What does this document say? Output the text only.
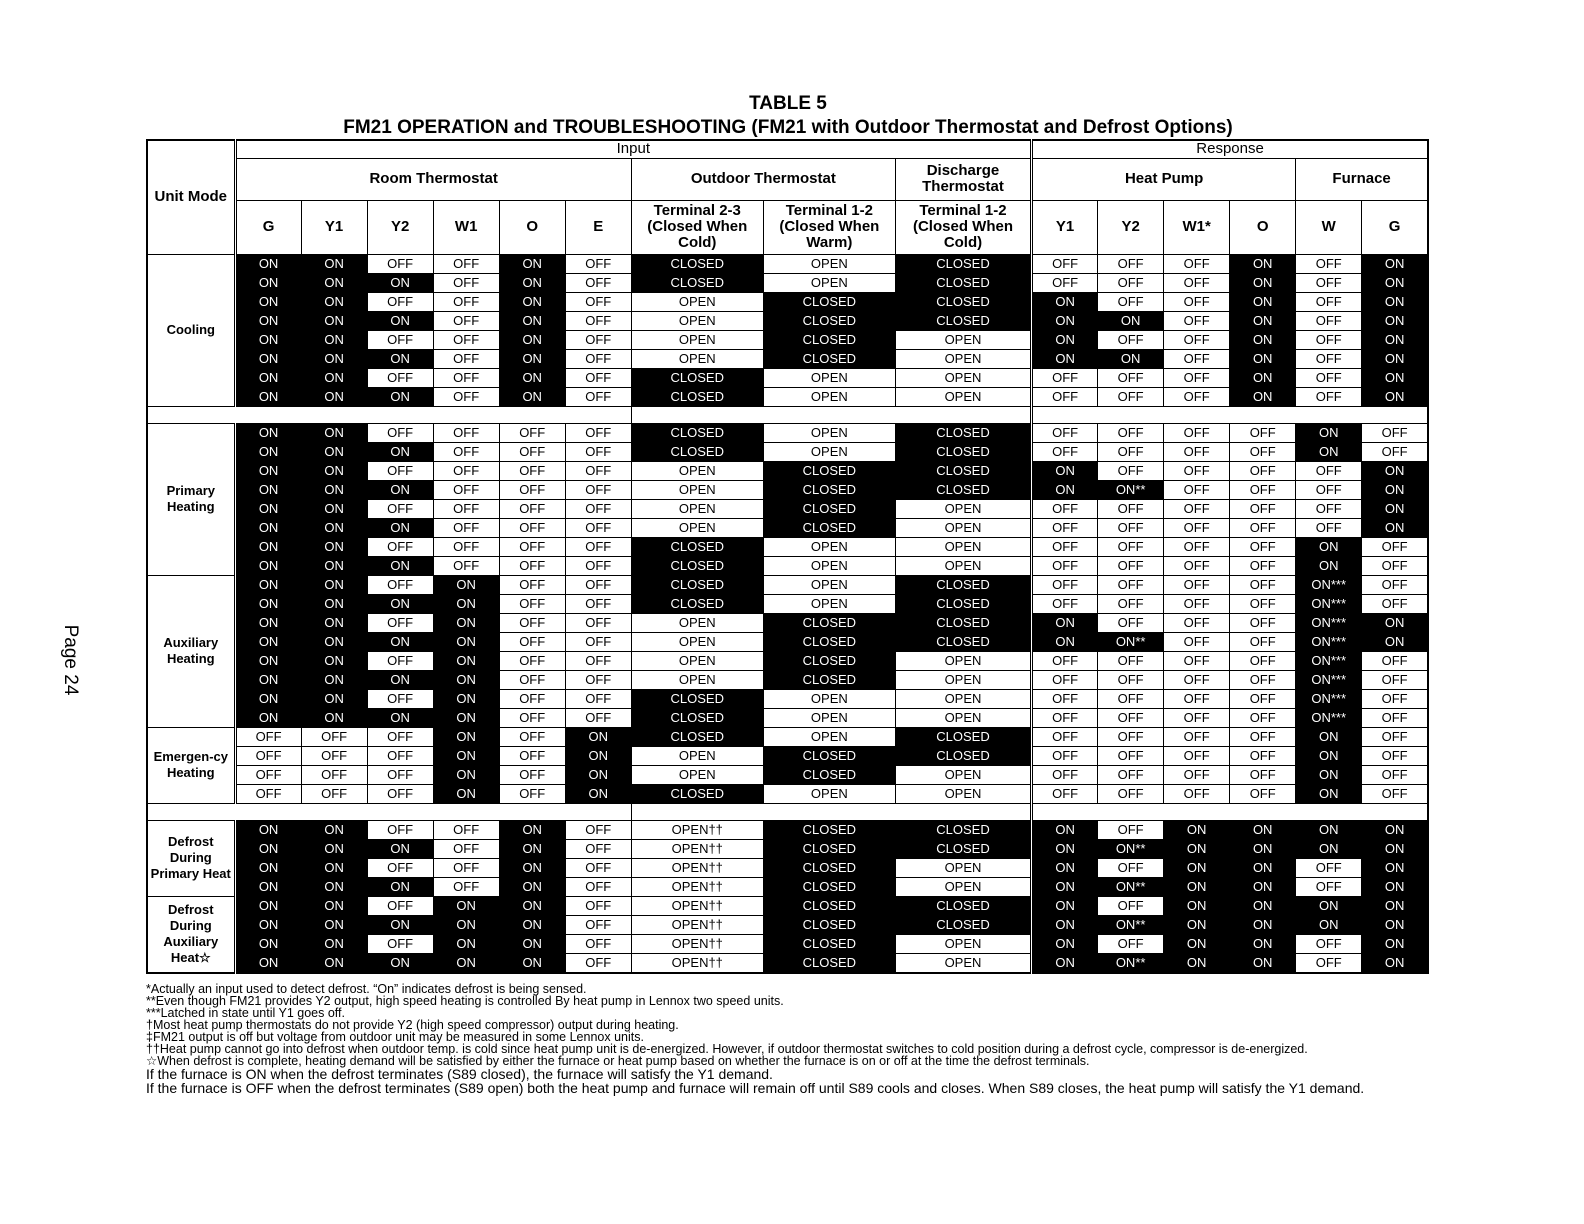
Page 24
TABLE 5
FM21 OPERATION and TROUBLESHOOTING (FM21 with Outdoor Thermostat and Defrost Options)
Unit Mode	Input									Response					
	Room Thermostat						Outdoor Thermostat		Discharge Thermostat	Heat Pump				Furnace	
	G	Y1	Y2	W1	O	E	Terminal 2-3 (Closed When Cold)	Terminal 1-2 (Closed When Warm)	Terminal 1-2 (Closed When Cold)	Y1	Y2	W1*	O	W	G
Cooling	ON	ON	OFF	OFF	ON	OFF	CLOSED	OPEN	CLOSED	OFF	OFF	OFF	ON	OFF	ON
	ON	ON	ON	OFF	ON	OFF	CLOSED	OPEN	CLOSED	OFF	OFF	OFF	ON	OFF	ON
	ON	ON	OFF	OFF	ON	OFF	OPEN	CLOSED	CLOSED	ON	OFF	OFF	ON	OFF	ON
	ON	ON	ON	OFF	ON	OFF	OPEN	CLOSED	CLOSED	ON	ON	OFF	ON	OFF	ON
	ON	ON	OFF	OFF	ON	OFF	OPEN	CLOSED	OPEN	ON	OFF	OFF	ON	OFF	ON
	ON	ON	ON	OFF	ON	OFF	OPEN	CLOSED	OPEN	ON	ON	OFF	ON	OFF	ON
	ON	ON	OFF	OFF	ON	OFF	CLOSED	OPEN	OPEN	OFF	OFF	OFF	ON	OFF	ON
	ON	ON	ON	OFF	ON	OFF	CLOSED	OPEN	OPEN	OFF	OFF	OFF	ON	OFF	ON

Primary Heating	ON	ON	OFF	OFF	OFF	OFF	CLOSED	OPEN	CLOSED	OFF	OFF	OFF	OFF	ON	OFF
	ON	ON	ON	OFF	OFF	OFF	CLOSED	OPEN	CLOSED	OFF	OFF	OFF	OFF	ON	OFF
	ON	ON	OFF	OFF	OFF	OFF	OPEN	CLOSED	CLOSED	ON	OFF	OFF	OFF	OFF	ON
	ON	ON	ON	OFF	OFF	OFF	OPEN	CLOSED	CLOSED	ON	ON**	OFF	OFF	OFF	ON
	ON	ON	OFF	OFF	OFF	OFF	OPEN	CLOSED	OPEN	OFF	OFF	OFF	OFF	OFF	ON
	ON	ON	ON	OFF	OFF	OFF	OPEN	CLOSED	OPEN	OFF	OFF	OFF	OFF	OFF	ON
	ON	ON	OFF	OFF	OFF	OFF	CLOSED	OPEN	OPEN	OFF	OFF	OFF	OFF	ON	OFF
	ON	ON	ON	OFF	OFF	OFF	CLOSED	OPEN	OPEN	OFF	OFF	OFF	OFF	ON	OFF
Auxiliary Heating	ON	ON	OFF	ON	OFF	OFF	CLOSED	OPEN	CLOSED	OFF	OFF	OFF	OFF	ON***	OFF
	ON	ON	ON	ON	OFF	OFF	CLOSED	OPEN	CLOSED	OFF	OFF	OFF	OFF	ON***	OFF
	ON	ON	OFF	ON	OFF	OFF	OPEN	CLOSED	CLOSED	ON	OFF	OFF	OFF	ON***	ON
	ON	ON	ON	ON	OFF	OFF	OPEN	CLOSED	CLOSED	ON	ON**	OFF	OFF	ON***	ON
	ON	ON	OFF	ON	OFF	OFF	OPEN	CLOSED	OPEN	OFF	OFF	OFF	OFF	ON***	OFF
	ON	ON	ON	ON	OFF	OFF	OPEN	CLOSED	OPEN	OFF	OFF	OFF	OFF	ON***	OFF
	ON	ON	OFF	ON	OFF	OFF	CLOSED	OPEN	OPEN	OFF	OFF	OFF	OFF	ON***	OFF
	ON	ON	ON	ON	OFF	OFF	CLOSED	OPEN	OPEN	OFF	OFF	OFF	OFF	ON***	OFF
Emergen-cy Heating	OFF	OFF	OFF	ON	OFF	ON	CLOSED	OPEN	CLOSED	OFF	OFF	OFF	OFF	ON	OFF
	OFF	OFF	OFF	ON	OFF	ON	OPEN	CLOSED	CLOSED	OFF	OFF	OFF	OFF	ON	OFF
	OFF	OFF	OFF	ON	OFF	ON	OPEN	CLOSED	OPEN	OFF	OFF	OFF	OFF	ON	OFF
	OFF	OFF	OFF	ON	OFF	ON	CLOSED	OPEN	OPEN	OFF	OFF	OFF	OFF	ON	OFF

Defrost During Primary Heat	ON	ON	OFF	OFF	ON	OFF	OPEN††	CLOSED	CLOSED	ON	OFF	ON	ON	ON	ON
	ON	ON	ON	OFF	ON	OFF	OPEN††	CLOSED	CLOSED	ON	ON**	ON	ON	ON	ON
	ON	ON	OFF	OFF	ON	OFF	OPEN††	CLOSED	OPEN	ON	OFF	ON	ON	OFF	ON
	ON	ON	ON	OFF	ON	OFF	OPEN††	CLOSED	OPEN	ON	ON**	ON	ON	OFF	ON
Defrost During Auxiliary Heat☆	ON	ON	OFF	ON	ON	OFF	OPEN††	CLOSED	CLOSED	ON	OFF	ON	ON	ON	ON
	ON	ON	ON	ON	ON	OFF	OPEN††	CLOSED	CLOSED	ON	ON**	ON	ON	ON	ON
	ON	ON	OFF	ON	ON	OFF	OPEN††	CLOSED	OPEN	ON	OFF	ON	ON	OFF	ON
	ON	ON	ON	ON	ON	OFF	OPEN††	CLOSED	OPEN	ON	ON**	ON	ON	OFF	ON
*Actually an input used to detect defrost. “On” indicates defrost is being sensed.
**Even though FM21 provides Y2 output, high speed heating is controlled By heat pump in Lennox two speed units.
***Latched in state until Y1 goes off.
†Most heat pump thermostats do not provide Y2 (high speed compressor) output during heating.
‡FM21 output is off but voltage from outdoor unit may be measured in some Lennox units.
††Heat pump cannot go into defrost when outdoor temp. is cold since heat pump unit is de-energized. However, if outdoor thermostat switches to cold position during a defrost cycle, compressor is de-energized.
☆When defrost is complete, heating demand will be satisfied by either the furnace or heat pump based on whether the furnace is on or off at the time the defrost terminals.
If the furnace is ON when the defrost terminates (S89 closed), the furnace will satisfy the Y1 demand.
If the furnace is OFF when the defrost terminates (S89 open) both the heat pump and furnace will remain off until S89 cools and closes. When S89 closes, the heat pump will satisfy the Y1 demand.
